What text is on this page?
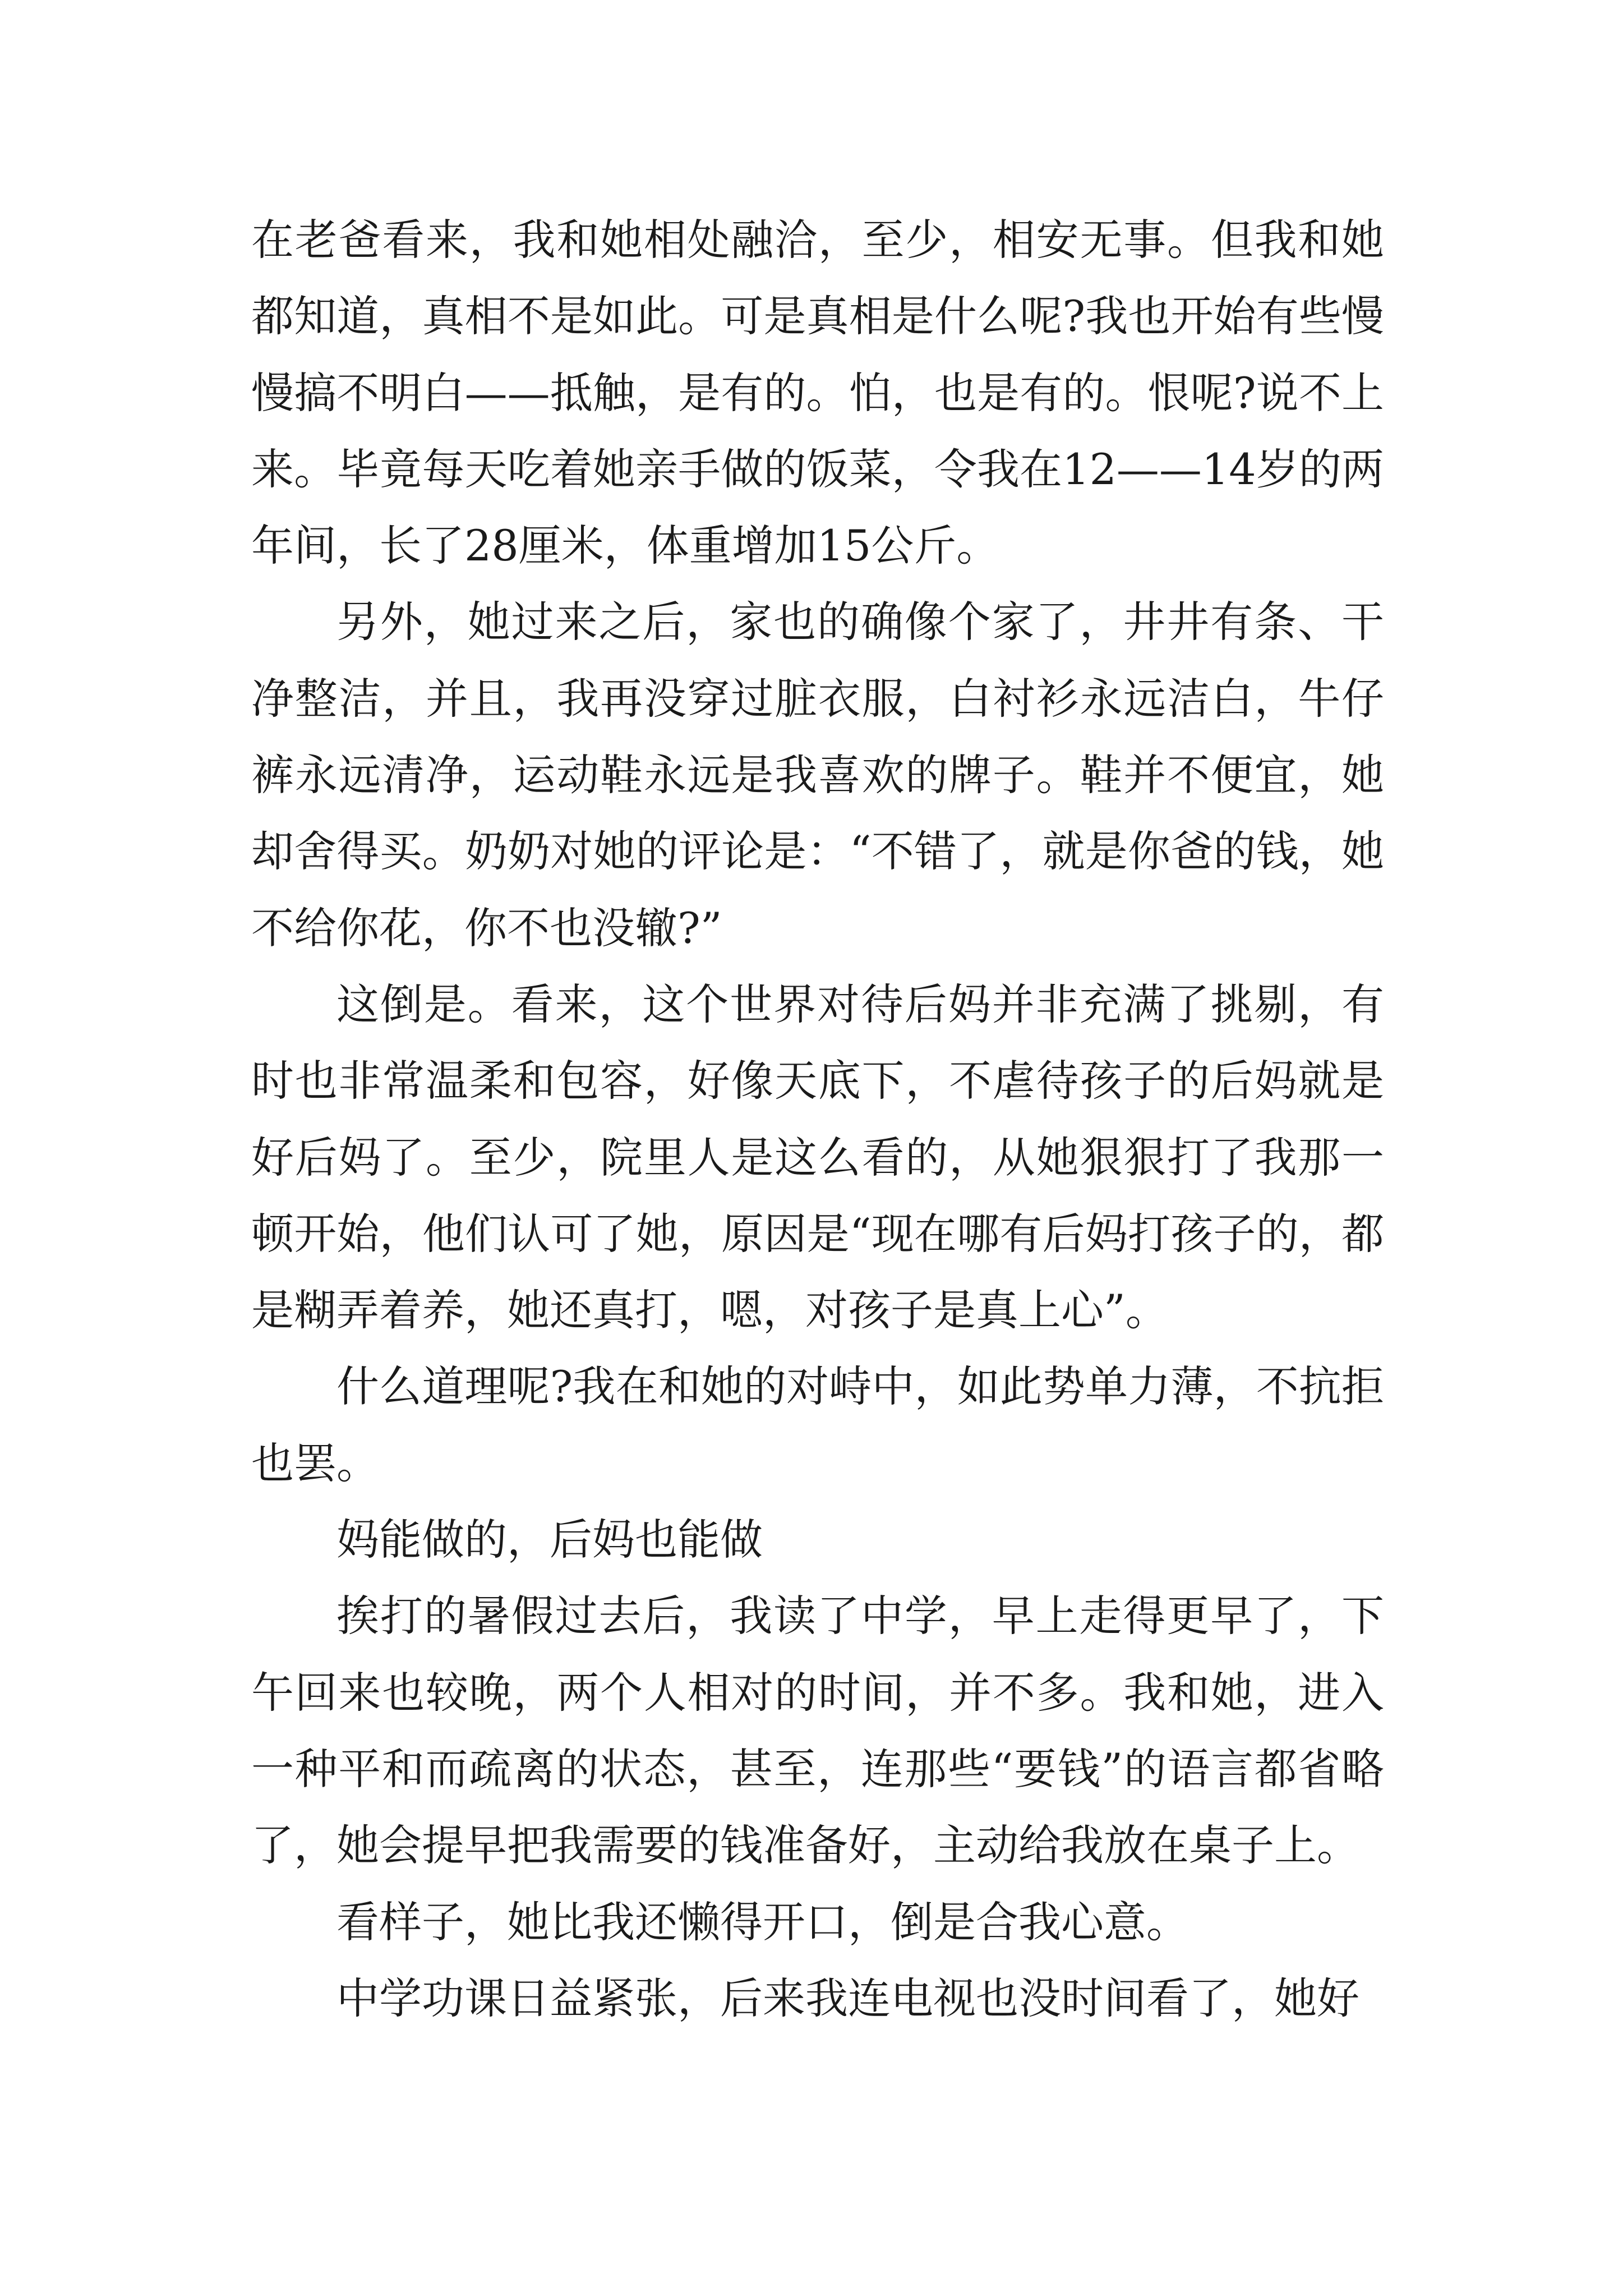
在老爸看来，我和她相处融洽，至少，相安无事。但我和她都知道，真相不是如此。可是真相是什么呢?我也开始有些慢慢搞不明白——抵触，是有的。怕，也是有的。恨呢?说不上来。毕竟每天吃着她亲手做的饭菜，令我在12——14岁的两年间，长了28厘米，体重增加15公斤。

另外，她过来之后，家也的确像个家了，井井有条、干净整洁，并且，我再没穿过脏衣服，白衬衫永远洁白，牛仔裤永远清净，运动鞋永远是我喜欢的牌子。鞋并不便宜，她却舍得买。奶奶对她的评论是：“不错了，就是你爸的钱，她不给你花，你不也没辙?”

这倒是。看来，这个世界对待后妈并非充满了挑剔，有时也非常温柔和包容，好像天底下，不虐待孩子的后妈就是好后妈了。至少，院里人是这么看的，从她狠狠打了我那一顿开始，他们认可了她，原因是“现在哪有后妈打孩子的，都是糊弄着养，她还真打，嗯，对孩子是真上心”。

什么道理呢?我在和她的对峙中，如此势单力薄，不抗拒也罢。

妈能做的，后妈也能做

挨打的暑假过去后，我读了中学，早上走得更早了，下午回来也较晚，两个人相对的时间，并不多。我和她，进入一种平和而疏离的状态，甚至，连那些“要钱”的语言都省略了，她会提早把我需要的钱准备好，主动给我放在桌子上。

看样子，她比我还懒得开口，倒是合我心意。

中学功课日益紧张，后来我连电视也没时间看了，她好
